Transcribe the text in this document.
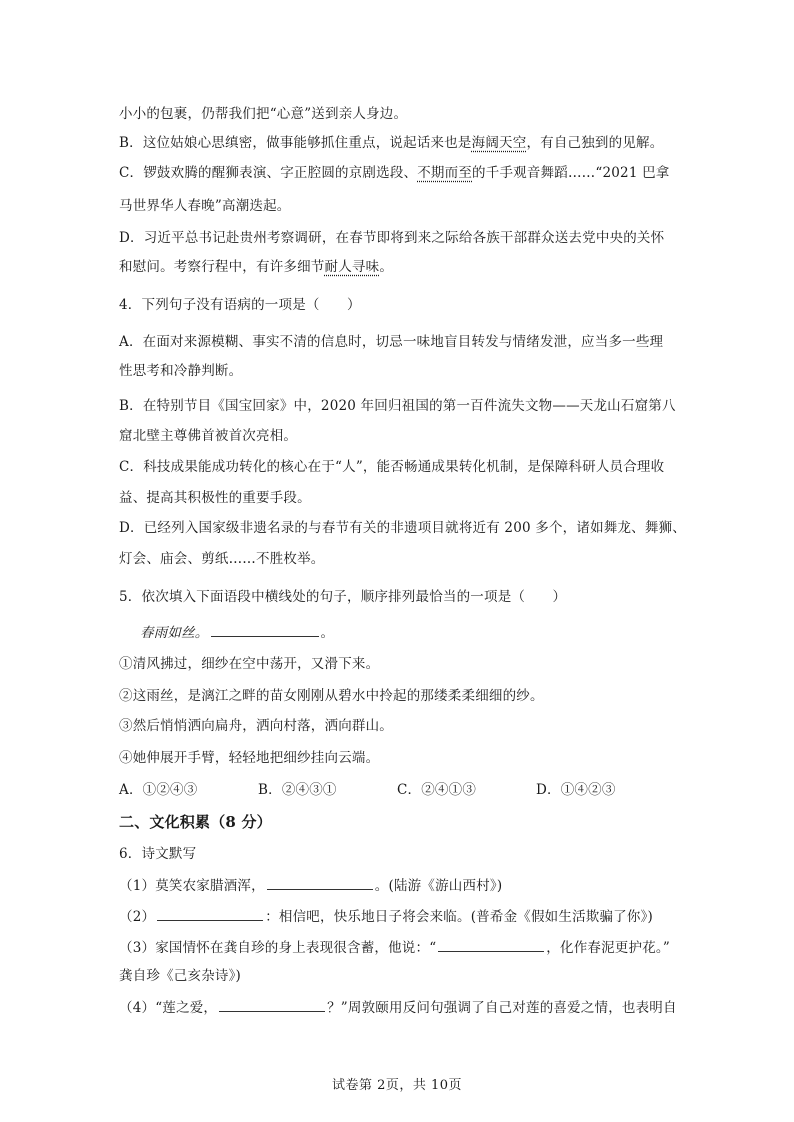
小小的包裹，仍帮我们把“心意”送到亲人身边。
B．这位姑娘心思缜密，做事能够抓住重点，说起话来也是海阔天空，有自己独到的见解。
C．锣鼓欢腾的醒狮表演、字正腔圆的京剧选段、不期而至的千手观音舞蹈……“2021 巴拿
马世界华人春晚”高潮迭起。
D．习近平总书记赴贵州考察调研，在春节即将到来之际给各族干部群众送去党中央的关怀
和慰问。考察行程中，有许多细节耐人寻味。
4．下列句子没有语病的一项是（　　）
A．在面对来源模糊、事实不清的信息时，切忌一味地盲目转发与情绪发泄，应当多一些理
性思考和冷静判断。
B．在特别节目《国宝回家》中，2020 年回归祖国的第一百件流失文物——天龙山石窟第八
窟北壁主尊佛首被首次亮相。
C．科技成果能成功转化的核心在于“人”，能否畅通成果转化机制，是保障科研人员合理收
益、提高其积极性的重要手段。
D．已经列入国家级非遗名录的与春节有关的非遗项目就将近有 200 多个，诸如舞龙、舞狮、
灯会、庙会、剪纸……不胜枚举。
5．依次填入下面语段中横线处的句子，顺序排列最恰当的一项是（　　）
春雨如丝。	。
①清风拂过，细纱在空中荡开，又滑下来。
②这雨丝，是漓江之畔的苗女刚刚从碧水中拎起的那缕柔柔细细的纱。
③然后悄悄洒向扁舟，洒向村落，洒向群山。
④她伸展开手臂，轻轻地把细纱挂向云端。
A．①②④③	B．②④③①	C．②④①③	D．①④②③
二、文化积累（8 分）
6．诗文默写
（1）莫笑农家腊酒浑，	。(陆游《游山西村》)
（2）	：相信吧，快乐地日子将会来临。(普希金《假如生活欺骗了你》)
（3）家国情怀在龚自珍的身上表现很含蓄，他说：“	，化作春泥更护花。”
龚自珍《己亥杂诗》)
（4）“莲之爱，	？”周敦颐用反问句强调了自己对莲的喜爱之情，也表明自
试卷第 2页，共 10页
